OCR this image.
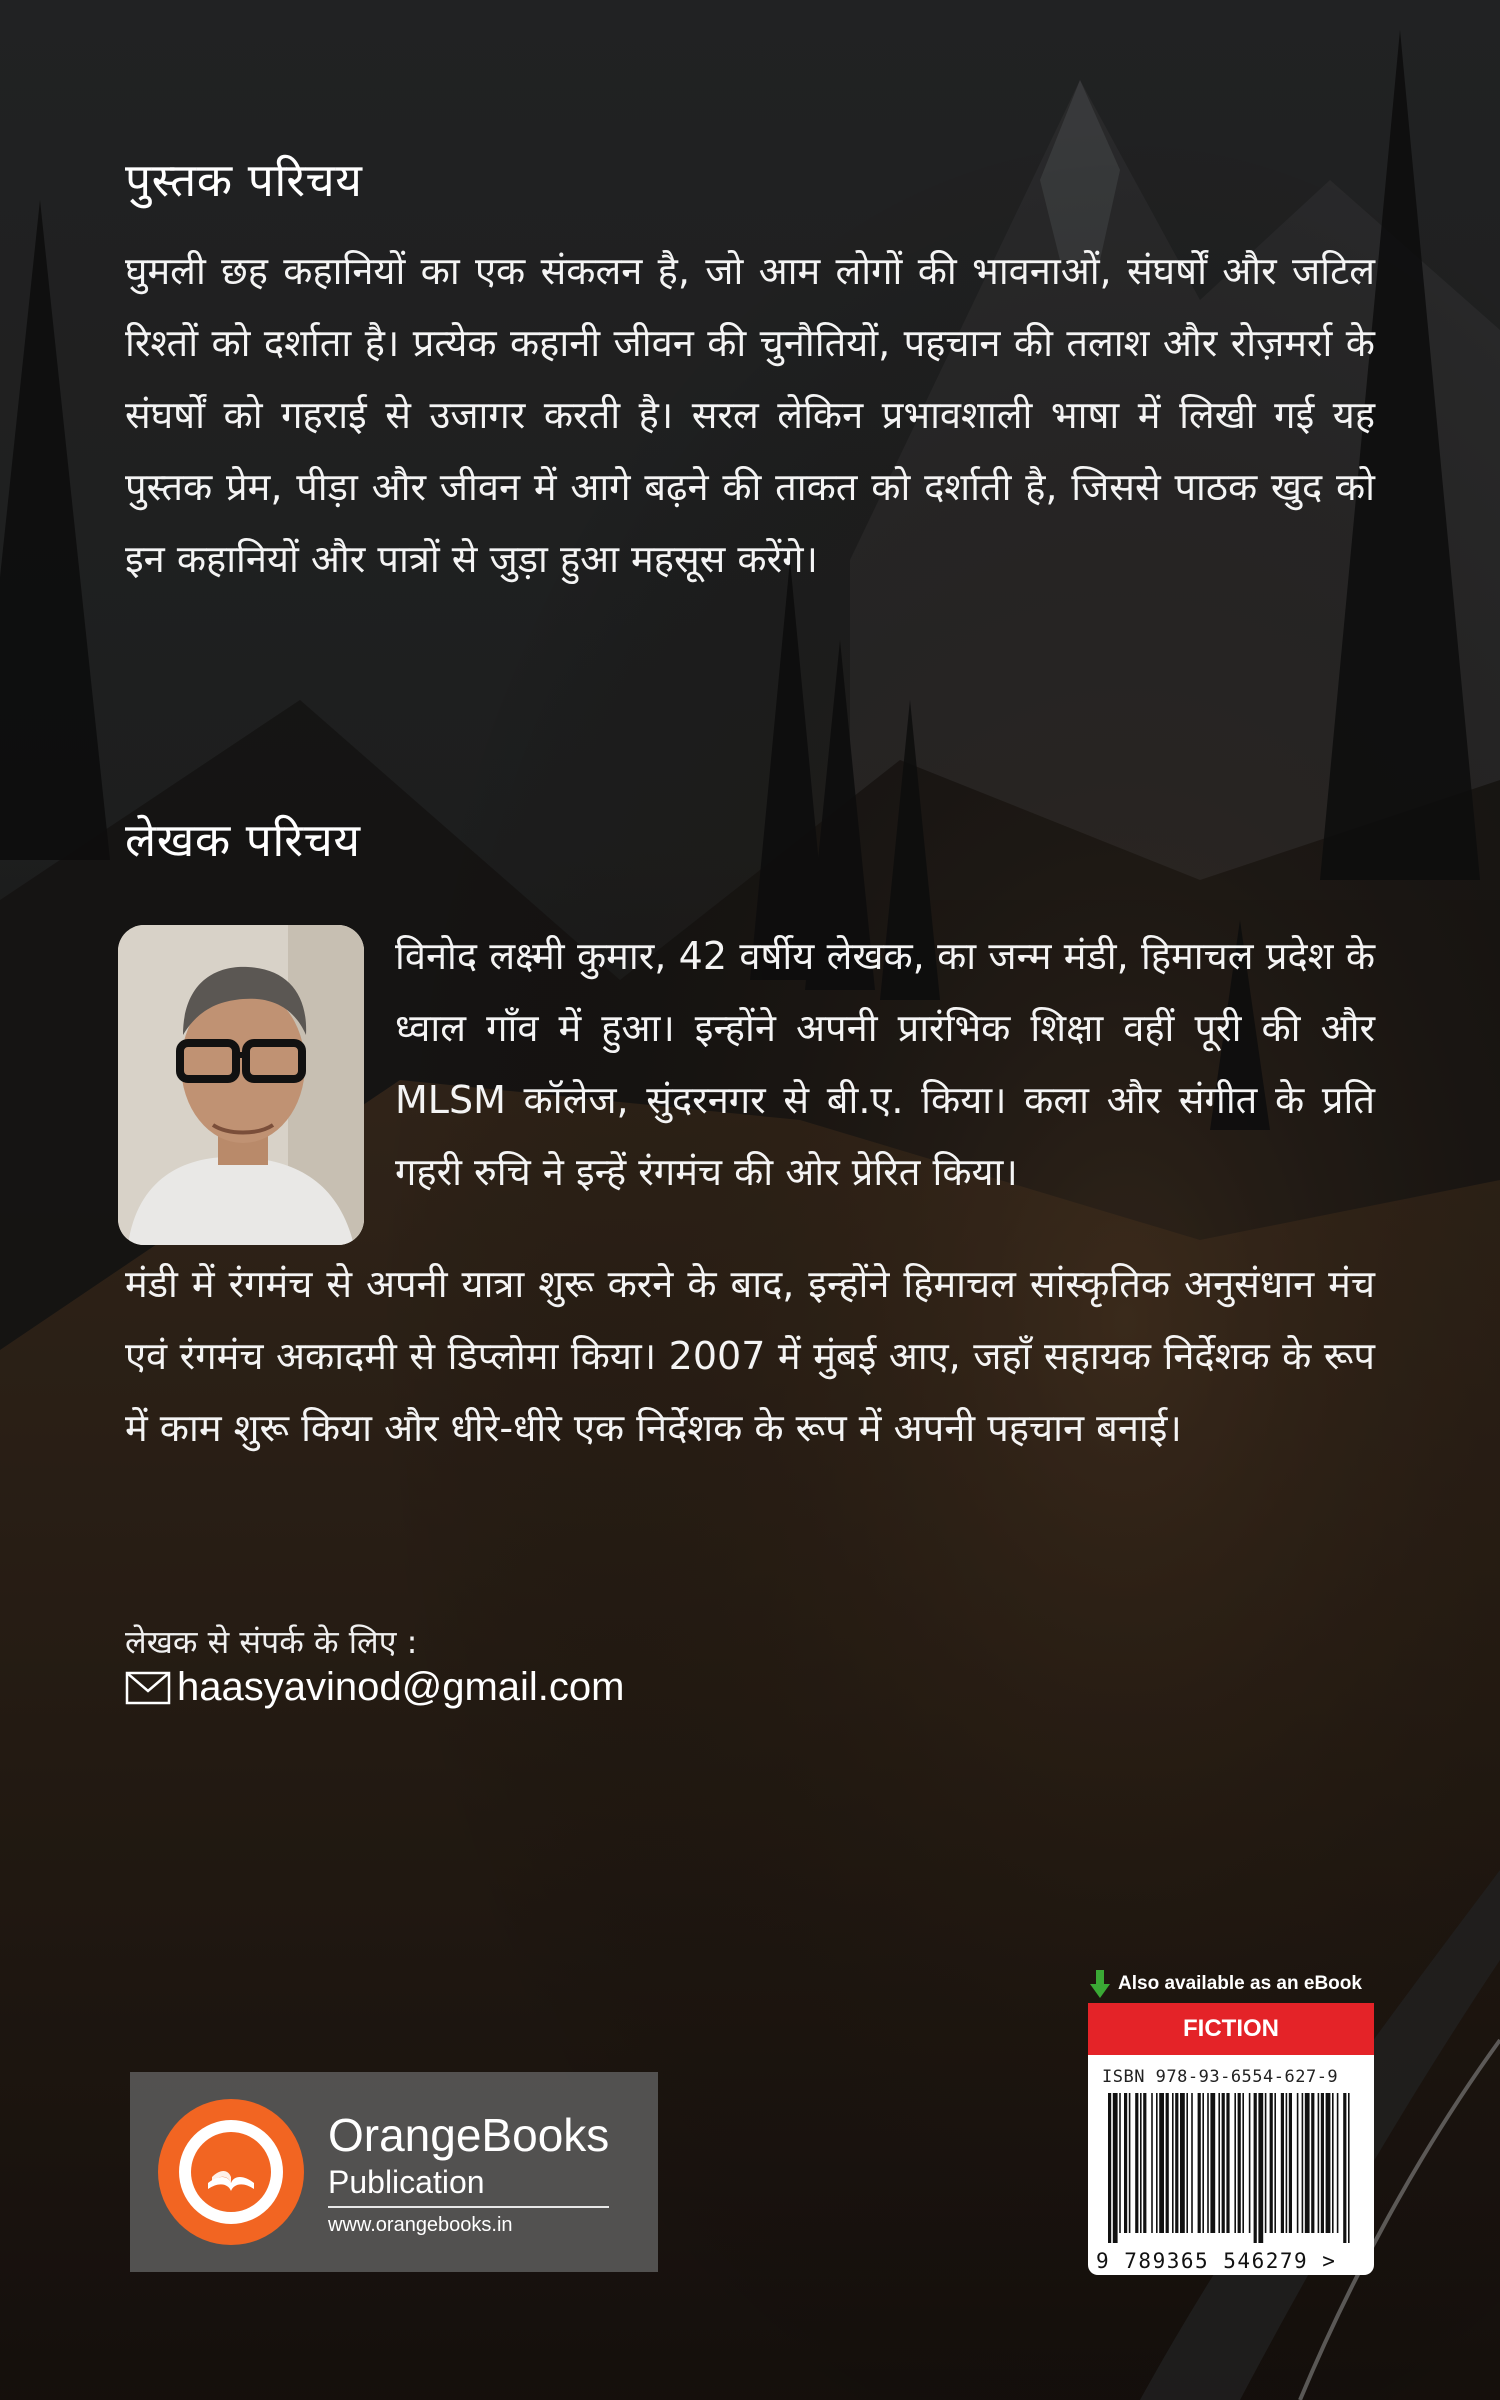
पुस्तक परिचय

घुमली छह कहानियों का एक संकलन है, जो आम लोगों की भावनाओं, संघर्षों और जटिल रिश्तों को दर्शाता है। प्रत्येक कहानी जीवन की चुनौतियों, पहचान की तलाश और रोज़मर्रा के संघर्षों को गहराई से उजागर करती है। सरल लेकिन प्रभावशाली भाषा में लिखी गई यह पुस्तक प्रेम, पीड़ा और जीवन में आगे बढ़ने की ताकत को दर्शाती है, जिससे पाठक खुद को इन कहानियों और पात्रों से जुड़ा हुआ महसूस करेंगे।

लेखक परिचय

विनोद लक्ष्मी कुमार, 42 वर्षीय लेखक, का जन्म मंडी, हिमाचल प्रदेश के ध्वाल गाँव में हुआ। इन्होंने अपनी प्रारंभिक शिक्षा वहीं पूरी की और MLSM कॉलेज, सुंदरनगर से बी.ए. किया। कला और संगीत के प्रति गहरी रुचि ने इन्हें रंगमंच की ओर प्रेरित किया।

मंडी में रंगमंच से अपनी यात्रा शुरू करने के बाद, इन्होंने हिमाचल सांस्कृतिक अनुसंधान मंच एवं रंगमंच अकादमी से डिप्लोमा किया। 2007 में मुंबई आए, जहाँ सहायक निर्देशक के रूप में काम शुरू किया और धीरे-धीरे एक निर्देशक के रूप में अपनी पहचान बनाई।

लेखक से संपर्क के लिए :
haasyavinod@gmail.com
OrangeBooks
Publication
www.orangebooks.in
Also available as an eBook
FICTION
ISBN 978-93-6554-627-9
9 789365 546279 >
